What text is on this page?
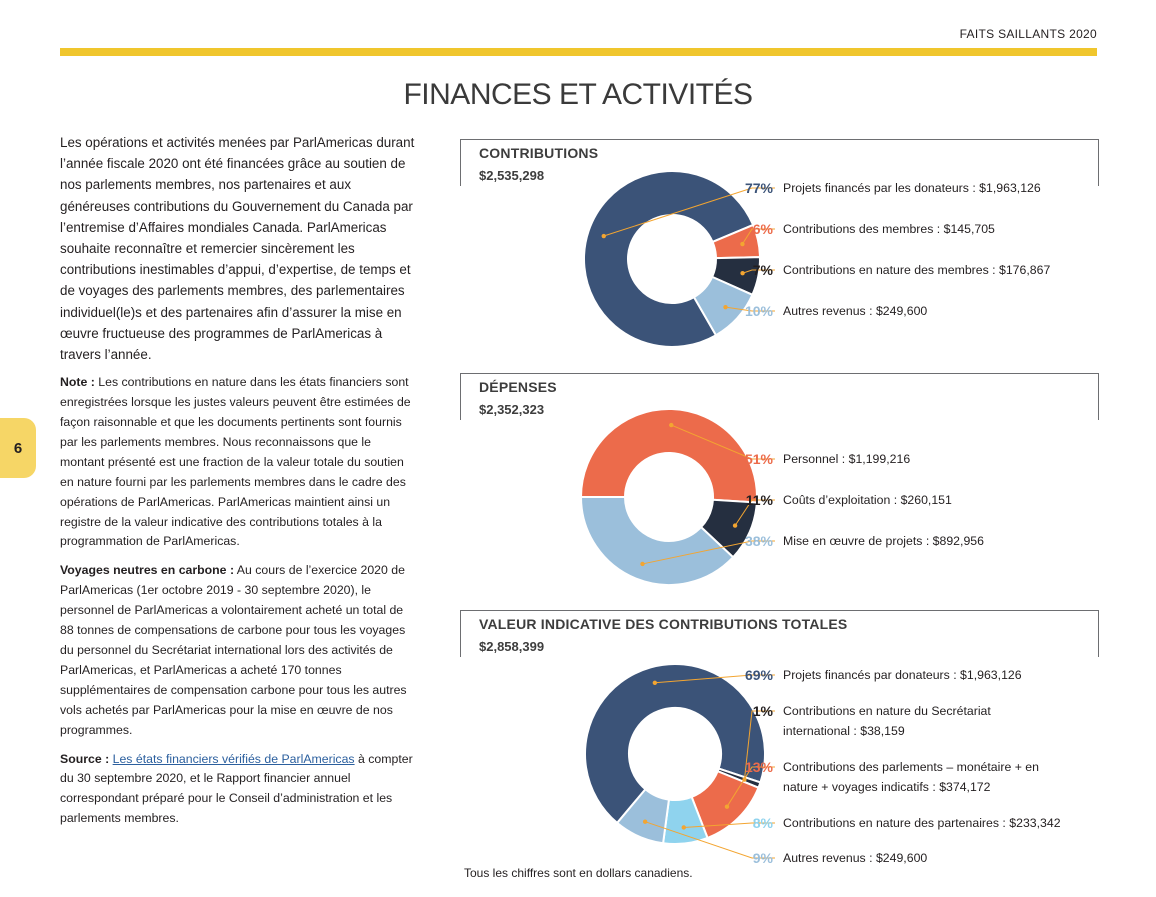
FAITS SAILLANTS 2020
FINANCES ET ACTIVITÉS
6

Les opérations et activités menées par ParlAmericas durant l’année fiscale 2020 ont été financées grâce au soutien de nos parlements membres, nos partenaires et aux généreuses contributions du Gouvernement du Canada par l’entremise d’Affaires mondiales Canada. ParlAmericas souhaite reconnaître et remercier sincèrement les contributions inestimables d’appui, d’expertise, de temps et de voyages des parlements membres, des parlementaires individuel(le)s et des partenaires afin d’assurer la mise en œuvre fructueuse des programmes de ParlAmericas à travers l’année.

Note : Les contributions en nature dans les états financiers sont enregistrées lorsque les justes valeurs peuvent être estimées de façon raisonnable et que les documents pertinents sont fournis par les parlements membres. Nous reconnaissons que le montant présenté est une fraction de la valeur totale du soutien en nature fourni par les parlements membres dans le cadre des opérations de ParlAmericas. ParlAmericas maintient ainsi un registre de la valeur indicative des contributions totales à la programmation de ParlAmericas.

Voyages neutres en carbone : Au cours de l’exercice 2020 de ParlAmericas (1er octobre 2019 - 30 septembre 2020), le personnel de ParlAmericas a volontairement acheté un total de 88 tonnes de compensations de carbone pour tous les voyages du personnel du Secrétariat international lors des activités de ParlAmericas, et ParlAmericas a acheté 170 tonnes supplémentaires de compensation carbone pour tous les autres vols achetés par ParlAmericas pour la mise en œuvre de nos programmes.

Source : Les états financiers vérifiés de ParlAmericas à compter du 30 septembre 2020, et le Rapport financier annuel correspondant préparé pour le Conseil d’administration et les parlements membres.

CONTRIBUTIONS
$2,535,298
DÉPENSES
$2,352,323
VALEUR INDICATIVE DES CONTRIBUTIONS TOTALES
$2,858,399
77% Projets financés par les donateurs : $1,963,126
6% Contributions des membres : $145,705
7% Contributions en nature des membres : $176,867
10% Autres revenus : $249,600
51% Personnel : $1,199,216
11% Coûts d’exploitation : $260,151
38% Mise en œuvre de projets : $892,956
69% Projets financés par donateurs : $1,963,126
1% Contributions en nature du Secrétariat international : $38,159
13% Contributions des parlements – monétaire + en nature + voyages indicatifs : $374,172
8% Contributions en nature des partenaires : $233,342
9% Autres revenus : $249,600
Tous les chiffres sont en dollars canadiens.
